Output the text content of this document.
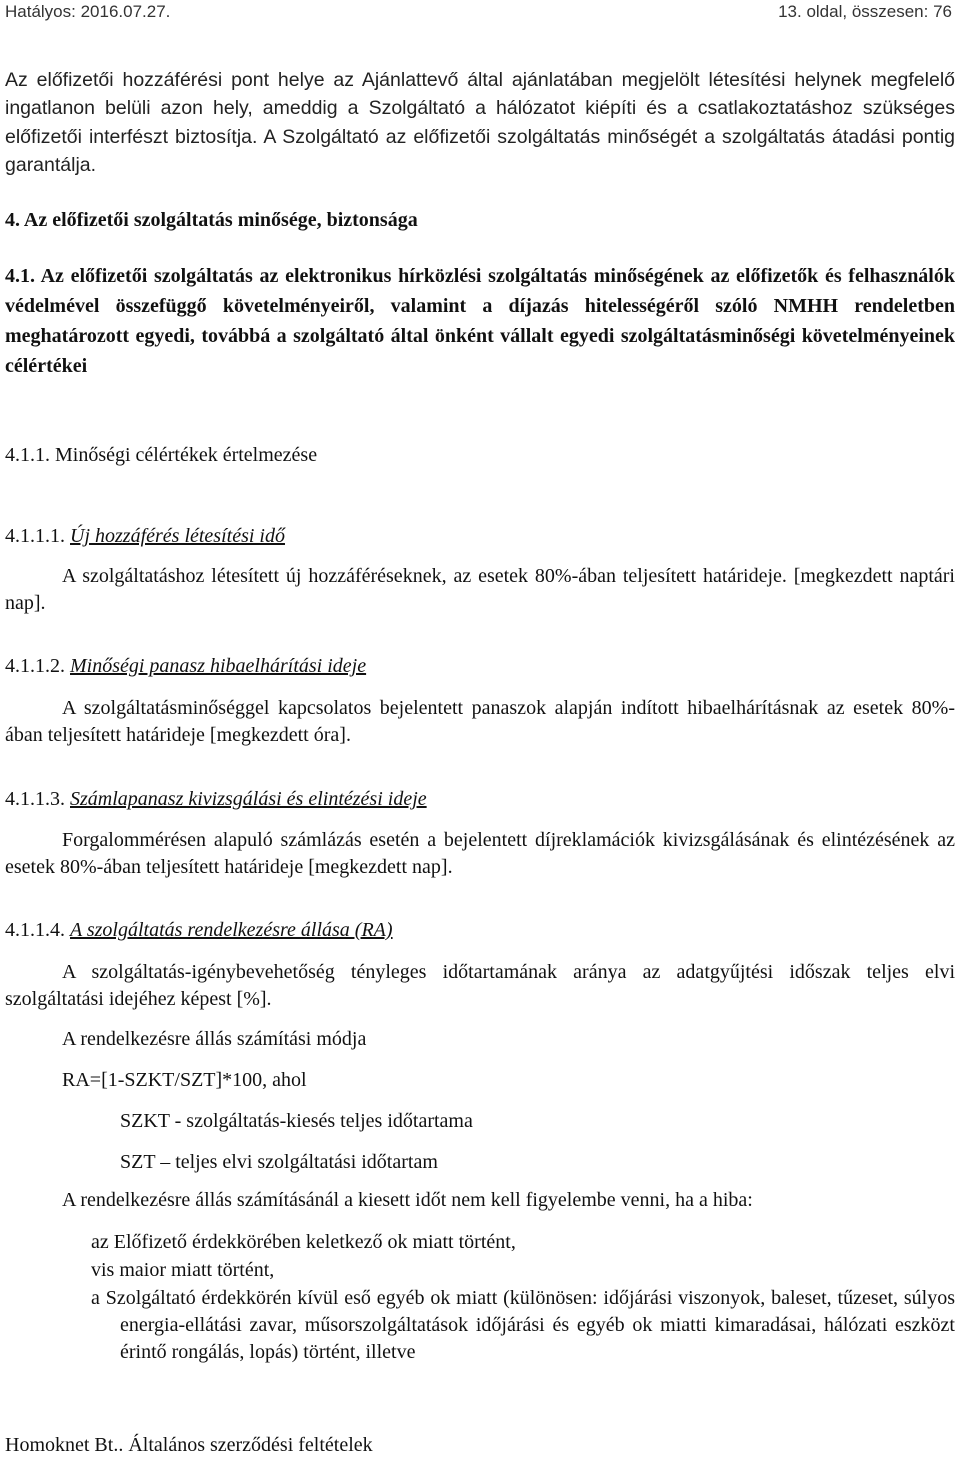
Hatályos: 2016.07.27.	13. oldal, összesen: 76

Az előfizetői hozzáférési pont helye az Ajánlattevő által ajánlatában megjelölt létesítési helynek megfelelő ingatlanon belüli azon hely, ameddig a Szolgáltató a hálózatot kiépíti és a csatlakoztatáshoz szükséges előfizetői interfészt biztosítja. A Szolgáltató az előfizetői szolgáltatás minőségét a szolgáltatás átadási pontig garantálja.

4. Az előfizetői szolgáltatás minősége, biztonsága

4.1. Az előfizetői szolgáltatás az elektronikus hírközlési szolgáltatás minőségének az előfizetők és felhasználók védelmével összefüggő követelményeiről, valamint a díjazás hitelességéről szóló NMHH rendeletben meghatározott egyedi, továbbá a szolgáltató által önként vállalt egyedi szolgáltatásminőségi követelményeinek célértékei

4.1.1. Minőségi célértékek értelmezése

4.1.1.1. Új hozzáférés létesítési idő

A szolgáltatáshoz létesített új hozzáféréseknek, az esetek 80%-ában teljesített határideje. [megkezdett naptári nap].

4.1.1.2. Minőségi panasz hibaelhárítási ideje

A szolgáltatásminőséggel kapcsolatos bejelentett panaszok alapján indított hibaelhárításnak az esetek 80%-ában teljesített határideje [megkezdett óra].

4.1.1.3. Számlapanasz kivizsgálási és elintézési ideje

Forgalommérésen alapuló számlázás esetén a bejelentett díjreklamációk kivizsgálásának és elintézésének az esetek 80%-ában teljesített határideje [megkezdett nap].

4.1.1.4. A szolgáltatás rendelkezésre állása (RA)

A szolgáltatás-igénybevehetőség tényleges időtartamának aránya az adatgyűjtési időszak teljes elvi szolgáltatási idejéhez képest [%].

A rendelkezésre állás számítási módja

RA=[1-SZKT/SZT]*100, ahol

SZKT - szolgáltatás-kiesés teljes időtartama

SZT – teljes elvi szolgáltatási időtartam

A rendelkezésre állás számításánál a kiesett időt nem kell figyelembe venni, ha a hiba:

az Előfizető érdekkörében keletkező ok miatt történt,

vis maior miatt történt,

a Szolgáltató érdekkörén kívül eső egyéb ok miatt (különösen: időjárási viszonyok, baleset, tűzeset, súlyos energia-ellátási zavar, műsorszolgáltatások időjárási és egyéb ok miatti kimaradásai, hálózati eszközt érintő rongálás, lopás) történt, illetve

Homoknet Bt.. Általános szerződési feltételek
